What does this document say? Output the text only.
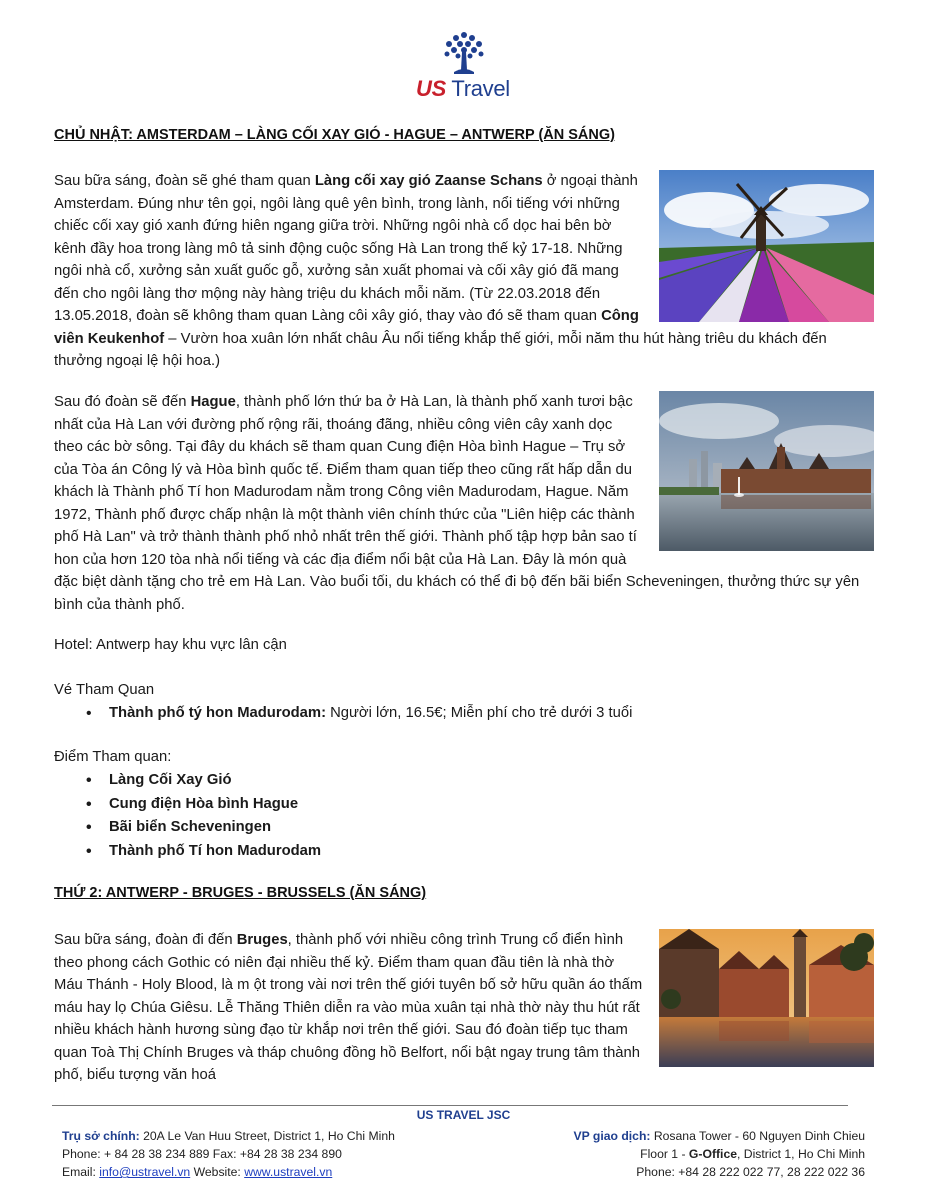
US Travel
CHỦ NHẬT: AMSTERDAM – LÀNG CỐI XAY GIÓ - HAGUE – ANTWERP (ĂN SÁNG)

Sau bữa sáng, đoàn sẽ ghé tham quan Làng cối xay gió Zaanse Schans ở ngoại thành Amsterdam. Đúng như tên gọi, ngôi làng quê yên bình, trong lành, nổi tiếng với những chiếc cối xay gió xanh đứng hiên ngang giữa trời. Những ngôi nhà cổ dọc hai bên bờ kênh đầy hoa trong làng mô tả sinh động cuộc sống Hà Lan trong thế kỷ 17-18. Những ngôi nhà cổ, xưởng sản xuất guốc gỗ, xưởng sản xuất phomai và cối xây gió đã mang đến cho ngôi làng thơ mộng này hàng triệu du khách mỗi năm. (Từ 22.03.2018 đến 13.05.2018, đoàn sẽ không tham quan Làng côi xây gió, thay vào đó sẽ tham quan Công viên Keukenhof – Vườn hoa xuân lớn nhất châu Âu nổi tiếng khắp thế giới, mỗi năm thu hút hàng triêu du khách đến thưởng ngoại lệ hội hoa.)

Sau đó đoàn sẽ đến Hague, thành phố lớn thứ ba ở Hà Lan, là thành phố xanh tươi bậc nhất của Hà Lan với đường phố rộng rãi, thoáng đãng, nhiều công viên cây xanh dọc theo các bờ sông. Tại đây du khách sẽ tham quan Cung điện Hòa bình Hague – Trụ sở của Tòa án Công lý và Hòa bình quốc tế. Điểm tham quan tiếp theo cũng rất hấp dẫn du khách là Thành phố Tí hon Madurodam nằm trong Công viên Madurodam, Hague. Năm 1972, Thành phố được chấp nhận là một thành viên chính thức của "Liên hiệp các thành phố Hà Lan" và trở thành thành phố nhỏ nhất trên thế giới. Thành phố tập hợp bản sao tí hon của hơn 120 tòa nhà nổi tiếng và các địa điểm nổi bật của Hà Lan. Đây là món quà đặc biệt dành tặng cho trẻ em Hà Lan. Vào buổi tối, du khách có thể đi bộ đến bãi biển Scheveningen, thưởng thức sự yên bình của thành phố.

Hotel: Antwerp hay khu vực lân cận
Vé Tham Quan
• Thành phố tý hon Madurodam: Người lớn, 16.5€; Miễn phí cho trẻ dưới 3 tuổi
Điểm Tham quan:
• Làng Cối Xay Gió
• Cung điện Hòa bình Hague
• Bãi biển Scheveningen
• Thành phố Tí hon Madurodam
THỨ 2: ANTWERP - BRUGES - BRUSSELS (ĂN SÁNG)

Sau bữa sáng, đoàn đi đến Bruges, thành phố với nhiều công trình Trung cổ điển hình theo phong cách Gothic có niên đại nhiều thế kỷ. Điểm tham quan đầu tiên là nhà thờ Máu Thánh - Holy Blood, là m ột trong vài nơi trên thế giới tuyên bố sở hữu quần áo thấm máu hay lọ Chúa Giêsu. Lễ Thăng Thiên diễn ra vào mùa xuân tại nhà thờ này thu hút rất nhiều khách hành hương sùng đạo từ khắp nơi trên thế giới. Sau đó đoàn tiếp tục tham quan Toà Thị Chính Bruges và tháp chuông đồng hồ Belfort, nổi bật ngay trung tâm thành phố, biểu tượng văn hoá

US TRAVEL JSC
Trụ sở chính: 20A Le Van Huu Street, District 1, Ho Chi Minh
Phone: + 84 28 38 234 889 Fax: +84 28 38 234 890
Email: info@ustravel.vn Website: www.ustravel.vn
VP giao dịch: Rosana Tower - 60 Nguyen Dinh Chieu
Floor 1 - G-Office, District 1, Ho Chi Minh
Phone: +84 28 222 022 77, 28 222 022 36
